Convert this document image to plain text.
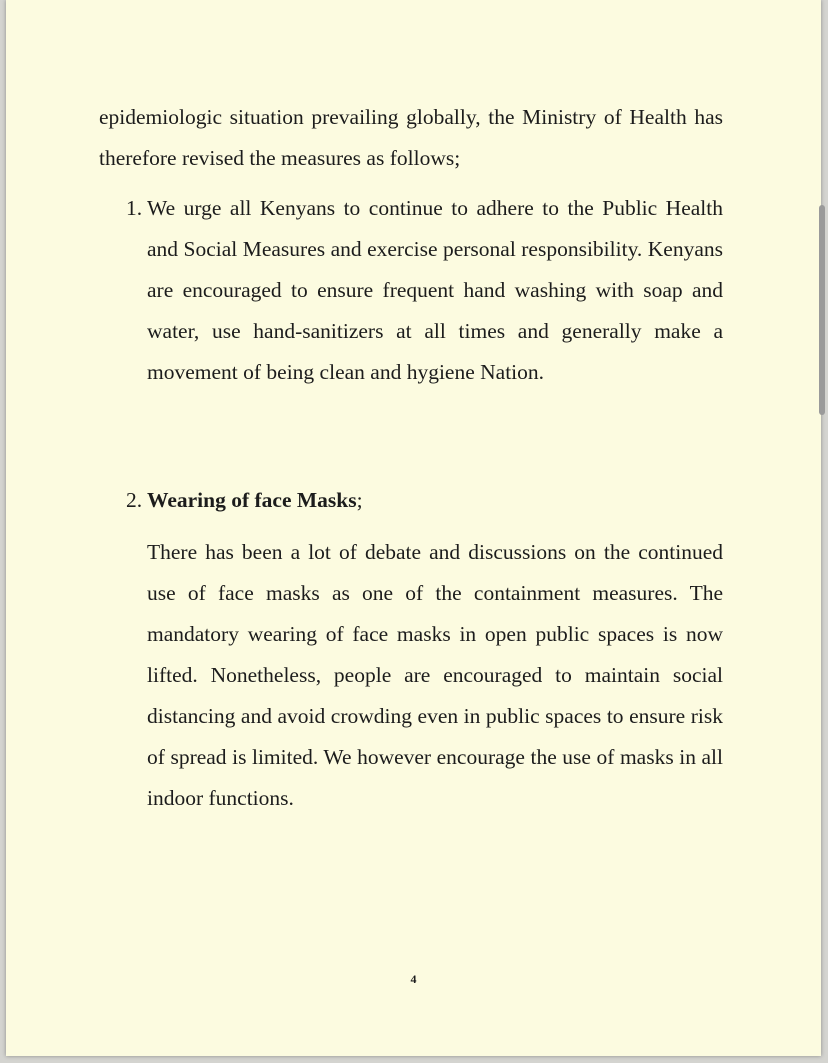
epidemiologic situation prevailing globally, the Ministry of Health has therefore revised the measures as follows;

1. We urge all Kenyans to continue to adhere to the Public Health and Social Measures and exercise personal responsibility. Kenyans are encouraged to ensure frequent hand washing with soap and water, use hand-sanitizers at all times and generally make a movement of being clean and hygiene Nation.

2. Wearing of face Masks;

There has been a lot of debate and discussions on the continued use of face masks as one of the containment measures. The mandatory wearing of face masks in open public spaces is now lifted. Nonetheless, people are encouraged to maintain social distancing and avoid crowding even in public spaces to ensure risk of spread is limited. We however encourage the use of masks in all indoor functions.

4
